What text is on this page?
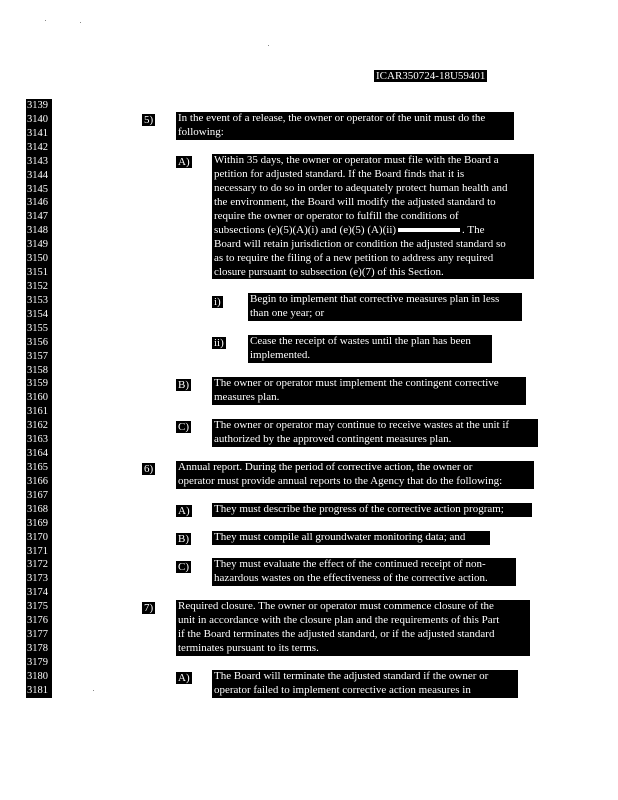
ICAR350724-18U59401
3139
3140
3141
3142
3143
3144
3145
3146
3147
3148
3149
3150
3151
3152
3153
3154
3155
3156
3157
3158
3159
3160
3161
3162
3163
3164
3165
3166
3167
3168
3169
3170
3171
3172
3173
3174
3175
3176
3177
3178
3179
3180
3181
5) In the event of a release, the owner or operator of the unit must do the
following:
A) Within 35 days, the owner or operator must file with the Board a
petition for adjusted standard. If the Board finds that it is
necessary to do so in order to adequately protect human health and
the environment, the Board will modify the adjusted standard to
require the owner or operator to fulfill the conditions of
subsections (e)(5)(A)(i) and (e)(5) (A)(ii)	. The
Board will retain jurisdiction or condition the adjusted standard so
as to require the filing of a new petition to address any required
closure pursuant to subsection (e)(7) of this Section.
i)	Begin to implement that corrective measures plan in less
than one year; or
ii) Cease the receipt of wastes until the plan has been
implemented.
B) The owner or operator must implement the contingent corrective
measures plan.
C) The owner or operator may continue to receive wastes at the unit if
authorized by the approved contingent measures plan.
6) Annual report. During the period of corrective action, the owner or
operator must provide annual reports to the Agency that do the following:
A) They must describe the progress of the corrective action program;
B) They must compile all groundwater monitoring data; and
C) They must evaluate the effect of the continued receipt of non-
hazardous wastes on the effectiveness of the corrective action.
7) Required closure. The owner or operator must commence closure of the
unit in accordance with the closure plan and the requirements of this Part
if the Board terminates the adjusted standard, or if the adjusted standard
terminates pursuant to its terms.
A) The Board will terminate the adjusted standard if the owner or
operator failed to implement corrective action measures in
